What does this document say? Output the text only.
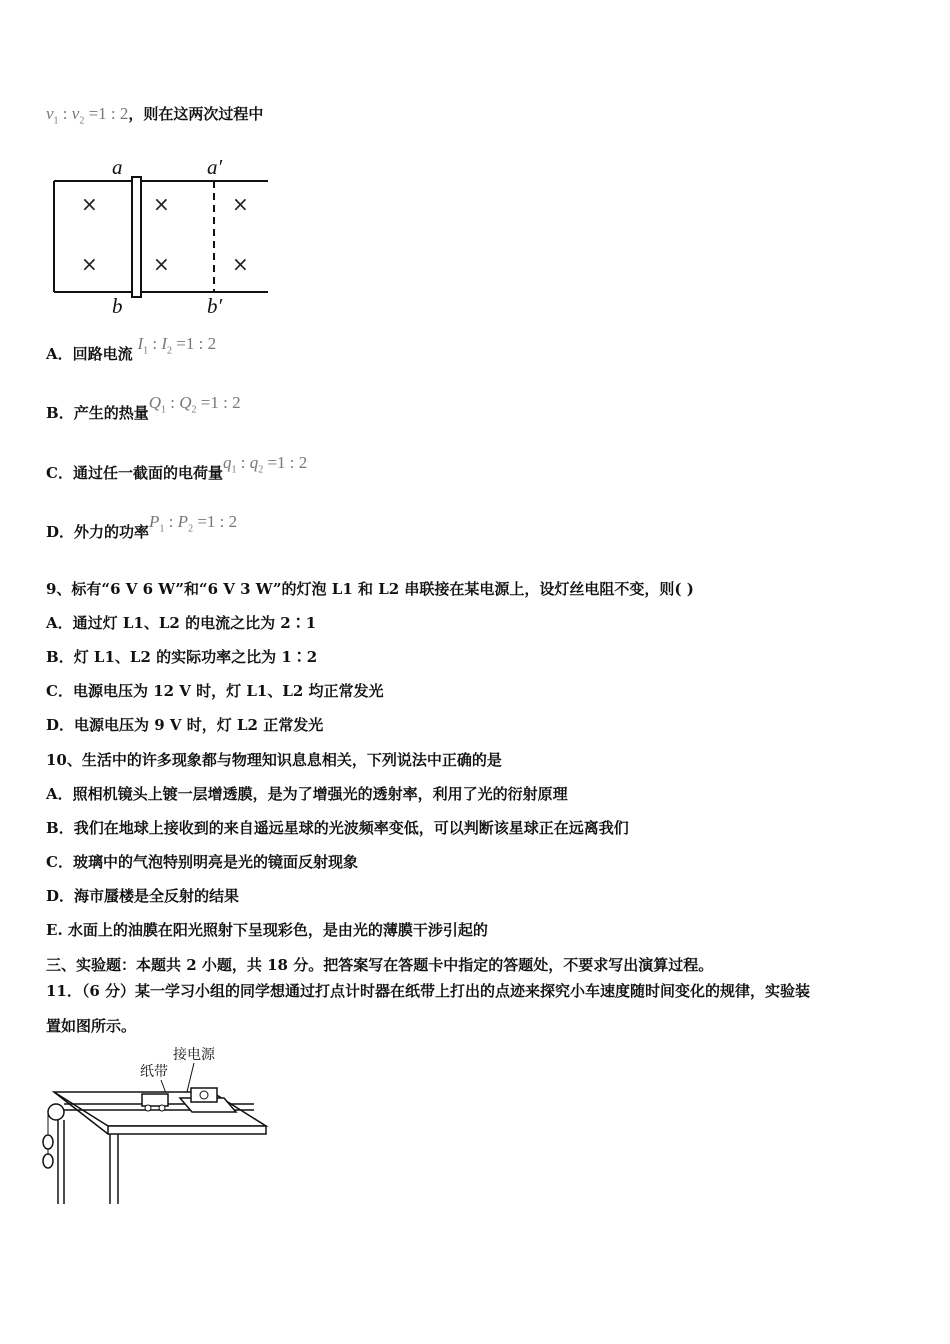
$v_1$ : $v_2 =1$ : 2，则在这两次过程中
a	a′
b	b′
×	×	×
×	×	×
A．回路电流 $I_1$ : $I_2 =1$ : 2
B．产生的热量$Q_1$ : $Q_2 =1$ : 2
C．通过任一截面的电荷量$q_1$ : $q_2 =1$ : 2
D．外力的功率$P_1$ : $P_2 =1$ : 2
9、标有“6 V 6 W”和“6 V 3 W”的灯泡 L1 和 L2 串联接在某电源上，设灯丝电阻不变，则( )
A．通过灯 L1、L2 的电流之比为 2∶1
B．灯 L1、L2 的实际功率之比为 1∶2
C．电源电压为 12 V 时，灯 L1、L2 均正常发光
D．电源电压为 9 V 时，灯 L2 正常发光
10、生活中的许多现象都与物理知识息息相关，下列说法中正确的是
A．照相机镜头上镀一层增透膜，是为了增强光的透射率，利用了光的衍射原理
B．我们在地球上接收到的来自遥远星球的光波频率变低，可以判断该星球正在远离我们
C．玻璃中的气泡特别明亮是光的镜面反射现象
D．海市蜃楼是全反射的结果
E. 水面上的油膜在阳光照射下呈现彩色，是由光的薄膜干涉引起的
三、实验题：本题共 2 小题，共 18 分。把答案写在答题卡中指定的答题处，不要求写出演算过程。
11．（6 分）某一学习小组的同学想通过打点计时器在纸带上打出的点迹来探究小车速度随时间变化的规律，实验装
置如图所示。
接电源
纸带
